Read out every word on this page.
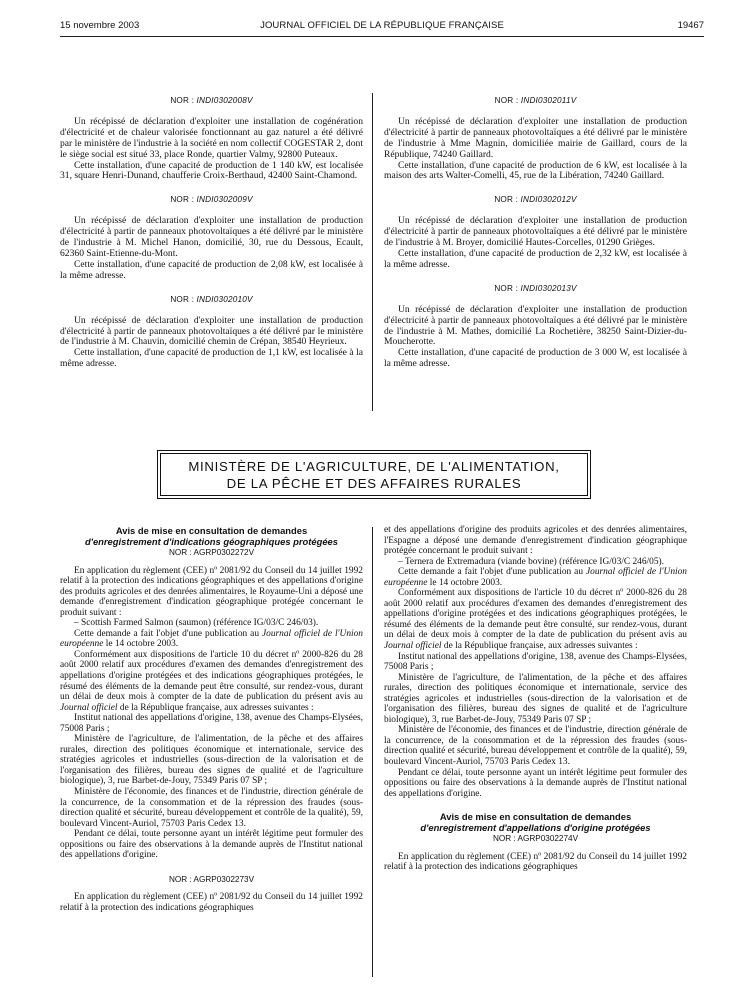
15 novembre 2003	JOURNAL OFFICIEL DE LA RÉPUBLIQUE FRANÇAISE	19467
NOR : INDI0302008V

Un récépissé de déclaration d'exploiter une installation de cogénération d'électricité et de chaleur valorisée fonctionnant au gaz naturel a été délivré par le ministère de l'industrie à la société en nom collectif COGESTAR 2, dont le siège social est situé 33, place Ronde, quartier Valmy, 92800 Puteaux.

Cette installation, d'une capacité de production de 1 140 kW, est localisée 31, square Henri-Dunand, chaufferie Croix-Berthaud, 42400 Saint-Chamond.

NOR : INDI0302009V

Un récépissé de déclaration d'exploiter une installation de production d'électricité à partir de panneaux photovoltaïques a été délivré par le ministère de l'industrie à M. Michel Hanon, domicilié, 30, rue du Dessous, Ecault, 62360 Saint-Etienne-du-Mont.

Cette installation, d'une capacité de production de 2,08 kW, est localisée à la même adresse.

NOR : INDI0302010V

Un récépissé de déclaration d'exploiter une installation de production d'électricité à partir de panneaux photovoltaïques a été délivré par le ministère de l'industrie à M. Chauvin, domicilié chemin de Crépan, 38540 Heyrieux.

Cette installation, d'une capacité de production de 1,1 kW, est localisée à la même adresse.

NOR : INDI0302011V

Un récépissé de déclaration d'exploiter une installation de production d'électricité à partir de panneaux photovoltaïques a été délivré par le ministère de l'industrie à Mme Magnin, domiciliée mairie de Gaillard, cours de la République, 74240 Gaillard.

Cette installation, d'une capacité de production de 6 kW, est localisée à la maison des arts Walter-Comelli, 45, rue de la Libération, 74240 Gaillard.

NOR : INDI0302012V

Un récépissé de déclaration d'exploiter une installation de production d'électricité à partir de panneaux photovoltaïques a été délivré par le ministère de l'industrie à M. Broyer, domicilié Hautes-Corcelles, 01290 Grièges.

Cette installation, d'une capacité de production de 2,32 kW, est localisée à la même adresse.

NOR : INDI0302013V

Un récépissé de déclaration d'exploiter une installation de production d'électricité à partir de panneaux photovoltaïques a été délivré par le ministère de l'industrie à M. Mathes, domicilié La Rochetière, 38250 Saint-Dizier-du-Moucherotte.

Cette installation, d'une capacité de production de 3 000 W, est localisée à la même adresse.

MINISTÈRE DE L'AGRICULTURE, DE L'ALIMENTATION,
DE LA PÊCHE ET DES AFFAIRES RURALES
Avis de mise en consultation de demandes
d'enregistrement d'indications géographiques protégées
NOR : AGRP0302272V

En application du règlement (CEE) nº 2081/92 du Conseil du 14 juillet 1992 relatif à la protection des indications géographiques et des appellations d'origine des produits agricoles et des denrées alimentaires, le Royaume-Uni a déposé une demande d'enregistrement d'indication géographique protégée concernant le produit suivant :

– Scottish Farmed Salmon (saumon) (référence IG/03/C 246/03).

Cette demande a fait l'objet d'une publication au Journal officiel de l'Union européenne le 14 octobre 2003.

Conformément aux dispositions de l'article 10 du décret nº 2000-826 du 28 août 2000 relatif aux procédures d'examen des demandes d'enregistrement des appellations d'origine protégées et des indications géographiques protégées, le résumé des éléments de la demande peut être consulté, sur rendez-vous, durant un délai de deux mois à compter de la date de publication du présent avis au Journal officiel de la République française, aux adresses suivantes :

Institut national des appellations d'origine, 138, avenue des Champs-Elysées, 75008 Paris ;

Ministère de l'agriculture, de l'alimentation, de la pêche et des affaires rurales, direction des politiques économique et internationale, service des stratégies agricoles et industrielles (sous-direction de la valorisation et de l'organisation des filières, bureau des signes de qualité et de l'agriculture biologique), 3, rue Barbet-de-Jouy, 75349 Paris 07 SP ;

Ministère de l'économie, des finances et de l'industrie, direction générale de la concurrence, de la consommation et de la répression des fraudes (sous-direction qualité et sécurité, bureau développement et contrôle de la qualité), 59, boulevard Vincent-Auriol, 75703 Paris Cedex 13.

Pendant ce délai, toute personne ayant un intérêt légitime peut formuler des oppositions ou faire des observations à la demande auprès de l'Institut national des appellations d'origine.

NOR : AGRP0302273V

En application du règlement (CEE) nº 2081/92 du Conseil du 14 juillet 1992 relatif à la protection des indications géographiques

et des appellations d'origine des produits agricoles et des denrées alimentaires, l'Espagne a déposé une demande d'enregistrement d'indication géographique protégée concernant le produit suivant :

– Ternera de Extremadura (viande bovine) (référence IG/03/C 246/05).

Cette demande a fait l'objet d'une publication au Journal officiel de l'Union européenne le 14 octobre 2003.

Conformément aux dispositions de l'article 10 du décret nº 2000-826 du 28 août 2000 relatif aux procédures d'examen des demandes d'enregistrement des appellations d'origine protégées et des indications géographiques protégées, le résumé des éléments de la demande peut être consulté, sur rendez-vous, durant un délai de deux mois à compter de la date de publication du présent avis au Journal officiel de la République française, aux adresses suivantes :

Institut national des appellations d'origine, 138, avenue des Champs-Elysées, 75008 Paris ;

Ministère de l'agriculture, de l'alimentation, de la pêche et des affaires rurales, direction des politiques économique et internationale, service des stratégies agricoles et industrielles (sous-direction de la valorisation et de l'organisation des filières, bureau des signes de qualité et de l'agriculture biologique), 3, rue Barbet-de-Jouy, 75349 Paris 07 SP ;

Ministère de l'économie, des finances et de l'industrie, direction générale de la concurrence, de la consommation et de la répression des fraudes (sous-direction qualité et sécurité, bureau développement et contrôle de la qualité), 59, boulevard Vincent-Auriol, 75703 Paris Cedex 13.

Pendant ce délai, toute personne ayant un intérêt légitime peut formuler des oppositions ou faire des observations à la demande auprès de l'Institut national des appellations d'origine.

Avis de mise en consultation de demandes
d'enregistrement d'appellations d'origine protégées
NOR : AGRP0302274V

En application du règlement (CEE) nº 2081/92 du Conseil du 14 juillet 1992 relatif à la protection des indications géographiques
